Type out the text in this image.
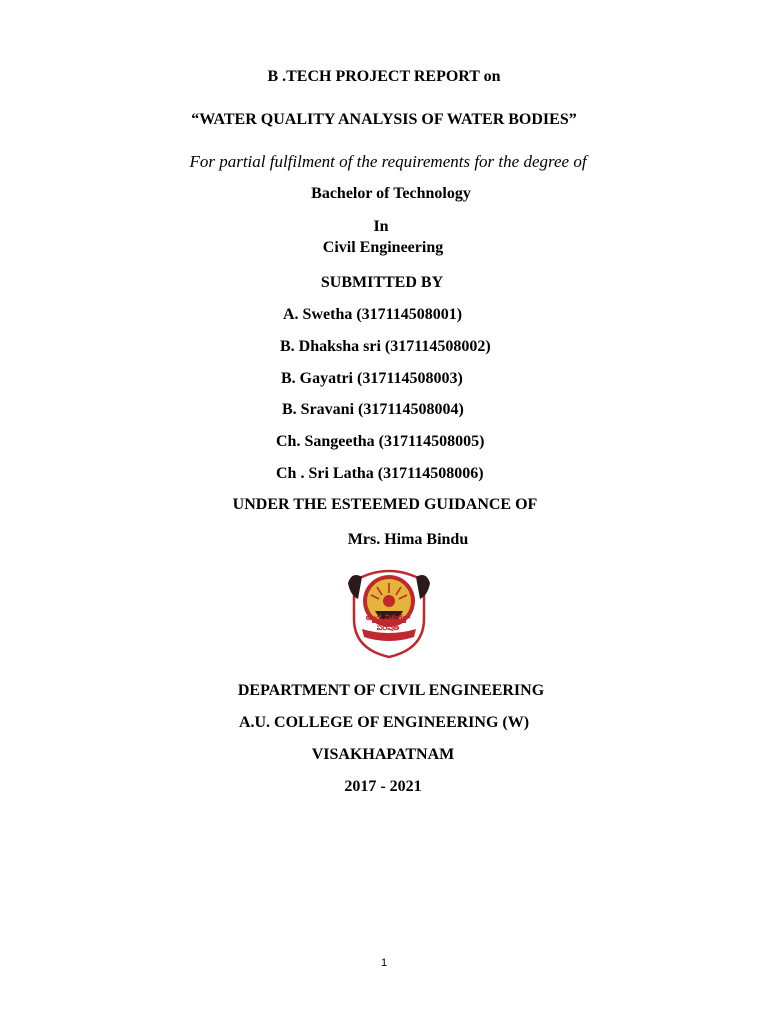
B .TECH PROJECT REPORT on
“WATER QUALITY ANALYSIS OF WATER BODIES”
For partial fulfilment of the requirements for the degree of
Bachelor of Technology
In
Civil Engineering
SUBMITTED BY
A. Swetha (317114508001)
B. Dhaksha sri (317114508002)
B. Gayatri (317114508003)
B. Sravani (317114508004)
Ch. Sangeetha (317114508005)
Ch . Sri Latha (317114508006)
UNDER THE ESTEEMED GUIDANCE OF
Mrs. Hima Bindu
ఆంధ్ర విశ్వకళా పరిషత్
DEPARTMENT OF CIVIL ENGINEERING
A.U. COLLEGE OF ENGINEERING (W)
VISAKHAPATNAM
2017 - 2021
1
